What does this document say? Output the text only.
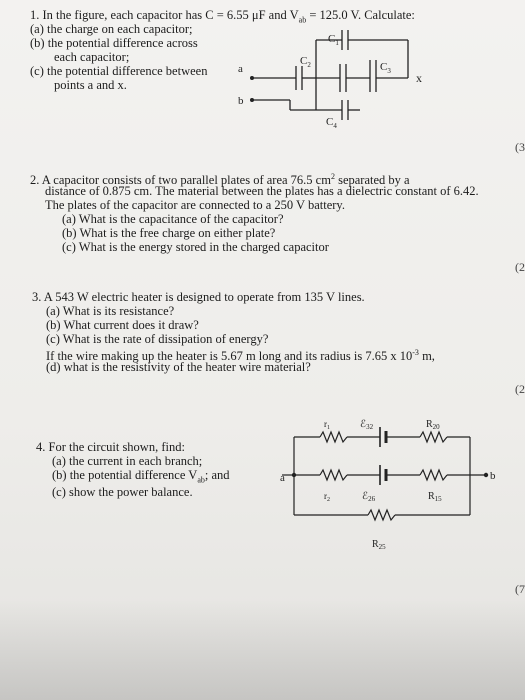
1. In the figure, each capacitor has C = 6.55 μF and $V_{ab} = 125.0$ V. Calculate:
(a) the charge on each capacitor;
(b) the potential difference across
each capacitor;
(c) the potential difference between
points a and x.
a
b
x
$C_1$
$C_2$	$C_3$
$C_4$
(3
2. A capacitor consists of two parallel plates of area 76.5 $cm^2$ separated by a
distance of 0.875 cm. The material between the plates has a dielectric constant of 6.42.
The plates of the capacitor are connected to a 250 V battery.
(a) What is the capacitance of the capacitor?
(b) What is the free charge on either plate?
(c) What is the energy stored in the charged capacitor
(2
3. A 543 W electric heater is designed to operate from 135 V lines.
(a) What is its resistance?
(b) What current does it draw?
(c) What is the rate of dissipation of energy?
If the wire making up the heater is 5.67 m long and its radius is 7.65 x $10^{-3}$ m,
(d) what is the resistivity of the heater wire material?
(2
4. For the circuit shown, find:
(a) the current in each branch;
(b) the potential difference $V_{ab}$; and
(c) show the power balance.
a	b
$r_1$	ℰ$_{32}$	$R_{20}$
$r_2$	ℰ$_{26}$	$R_{15}$
$R_{25}$
(7
